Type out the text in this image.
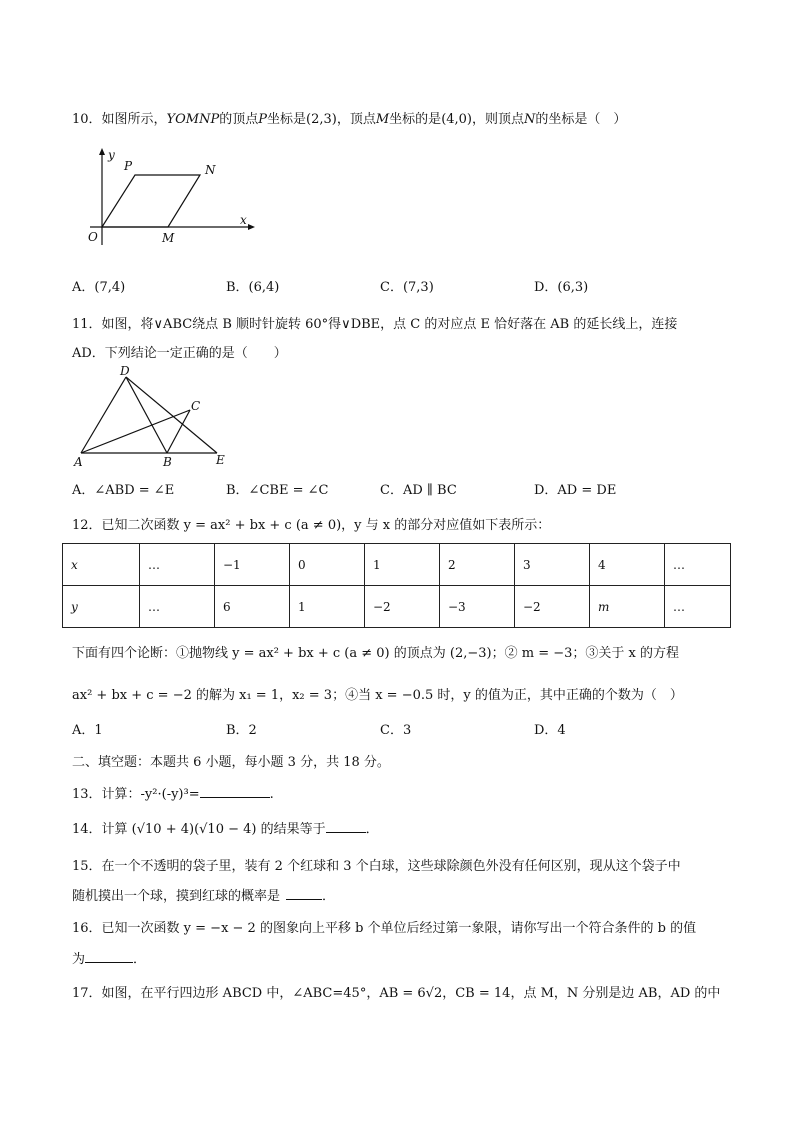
10．如图所示，YOMNP的顶点P坐标是(2,3)，顶点M坐标的是(4,0)，则顶点N的坐标是（　）
y
x
O
P	N
M
A．(7,4)	B．(6,4)	C．(7,3)	D．(6,3)
11．如图，将∨ABC绕点 B 顺时针旋转 60°得∨DBE，点 C 的对应点 E 恰好落在 AB 的延长线上，连接
AD．下列结论一定正确的是（　　）
D
C
A	B	E
A．∠ABD = ∠E	B．∠CBE = ∠C	C．AD ∥ BC	D．AD = DE
12．已知二次函数 y = ax² + bx + c (a ≠ 0)，y 与 x 的部分对应值如下表所示：
x	…	−1	0	1	2	3	4	…
y	…	6	1	−2	−3	−2	m	…
下面有四个论断：①抛物线 y = ax² + bx + c (a ≠ 0) 的顶点为 (2,−3)；② m = −3；③关于 x 的方程
ax² + bx + c = −2 的解为 x₁ = 1，x₂ = 3；④当 x = −0.5 时，y 的值为正，其中正确的个数为（　）
A．1	B．2	C．3	D．4
二、填空题：本题共 6 小题，每小题 3 分，共 18 分。
13．计算：-y²·(-y)³=	.
14．计算 (√10 + 4)(√10 − 4) 的结果等于	．
15．在一个不透明的袋子里，装有 2 个红球和 3 个白球，这些球除颜色外没有任何区别，现从这个袋子中
随机摸出一个球，摸到红球的概率是	．
16．已知一次函数 y = −x − 2 的图象向上平移 b 个单位后经过第一象限，请你写出一个符合条件的 b 的值
为	．
17．如图，在平行四边形 ABCD 中，∠ABC=45°，AB = 6√2，CB = 14，点 M，N 分别是边 AB，AD 的中
